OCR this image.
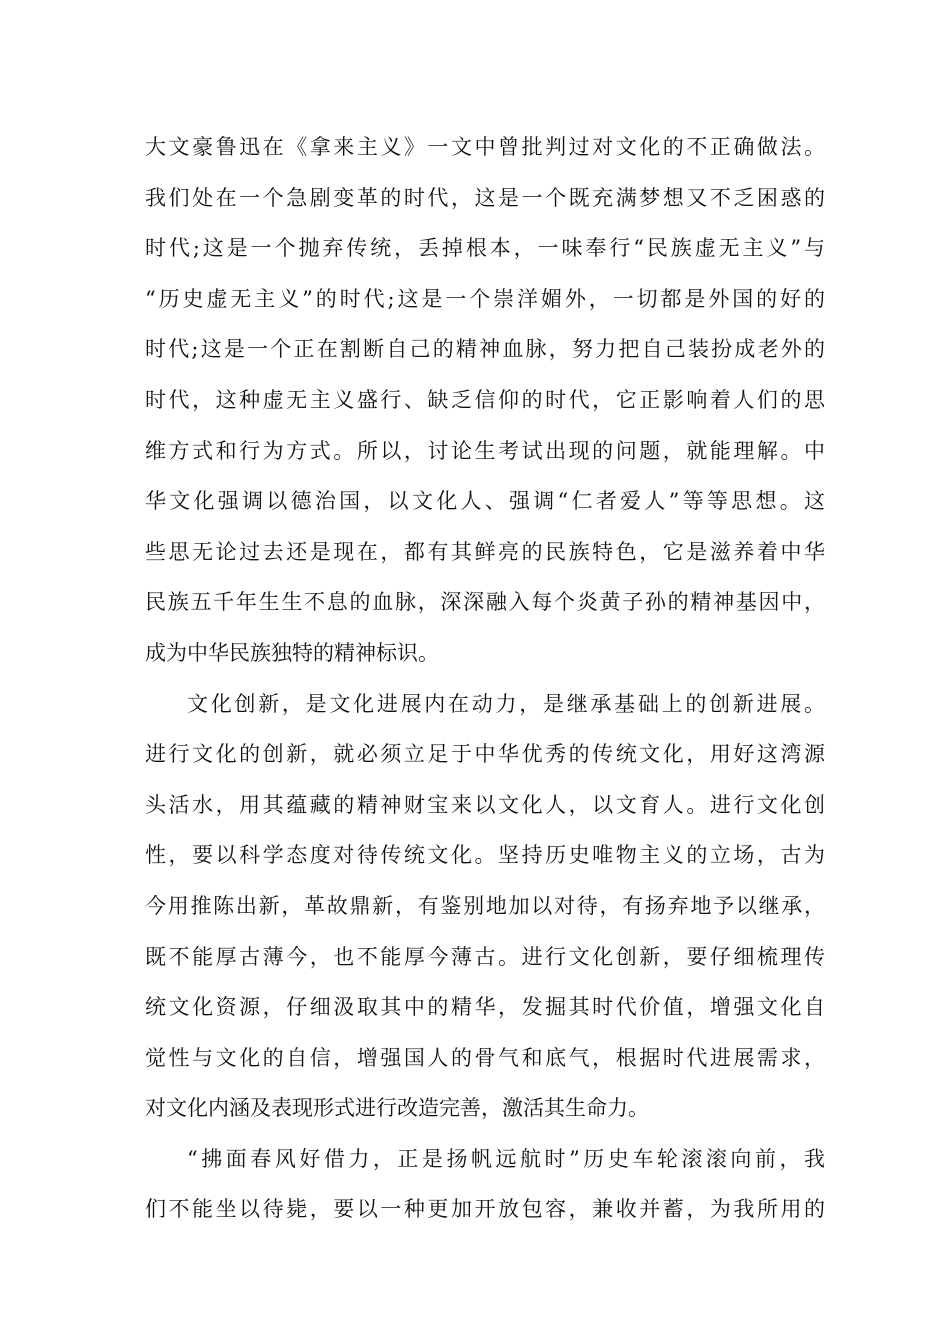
大文豪鲁迅在《拿来主义》一文中曾批判过对文化的不正确做法。
我们处在一个急剧变革的时代，这是一个既充满梦想又不乏困惑的
时代;这是一个抛弃传统，丢掉根本，一味奉行“民族虚无主义”与
“历史虚无主义”的时代;这是一个崇洋媚外，一切都是外国的好的
时代;这是一个正在割断自己的精神血脉，努力把自己装扮成老外的
时代，这种虚无主义盛行、缺乏信仰的时代，它正影响着人们的思
维方式和行为方式。所以，讨论生考试出现的问题，就能理解。中
华文化强调以德治国，以文化人、强调“仁者爱人”等等思想。这
些思无论过去还是现在，都有其鲜亮的民族特色，它是滋养着中华
民族五千年生生不息的血脉，深深融入每个炎黄子孙的精神基因中，
成为中华民族独特的精神标识。
文化创新，是文化进展内在动力，是继承基础上的创新进展。
进行文化的创新，就必须立足于中华优秀的传统文化，用好这湾源
头活水，用其蕴藏的精神财宝来以文化人，以文育人。进行文化创
性，要以科学态度对待传统文化。坚持历史唯物主义的立场，古为
今用推陈出新，革故鼎新，有鉴别地加以对待，有扬弃地予以继承，
既不能厚古薄今，也不能厚今薄古。进行文化创新，要仔细梳理传
统文化资源，仔细汲取其中的精华，发掘其时代价值，增强文化自
觉性与文化的自信，增强国人的骨气和底气，根据时代进展需求，
对文化内涵及表现形式进行改造完善，激活其生命力。
“拂面春风好借力，正是扬帆远航时”历史车轮滚滚向前，我
们不能坐以待毙，要以一种更加开放包容，兼收并蓄，为我所用的
